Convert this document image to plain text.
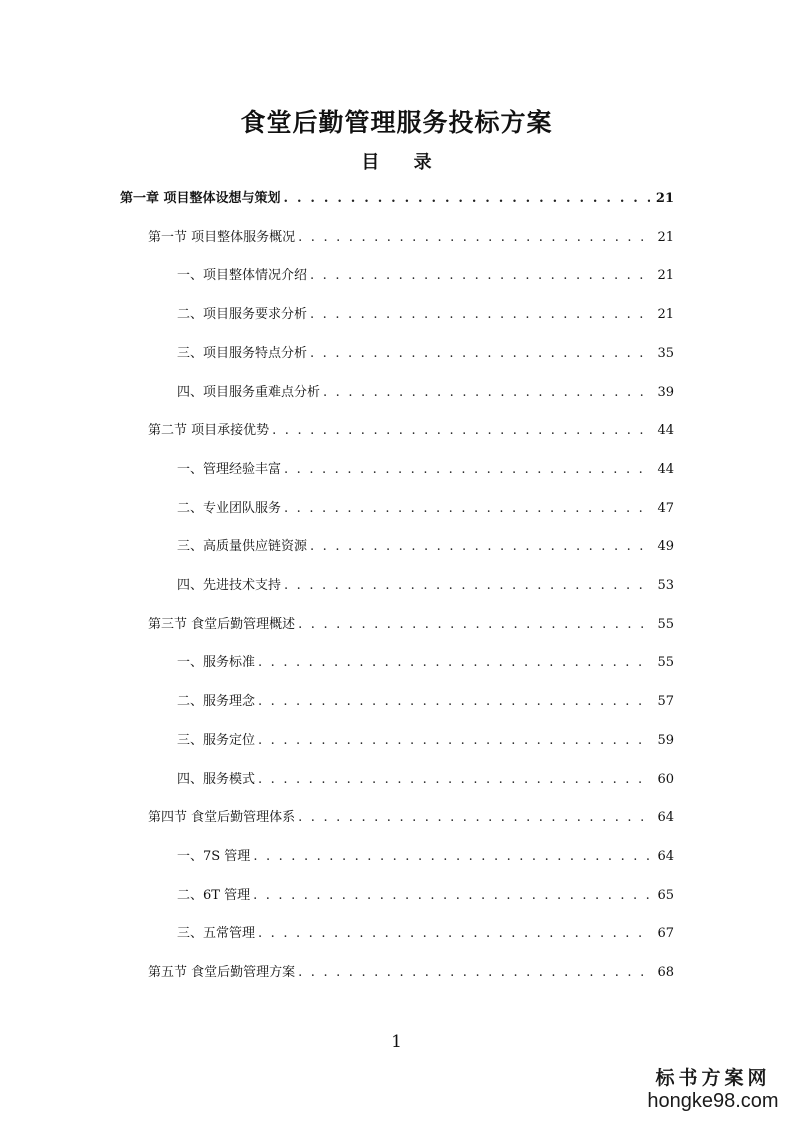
食堂后勤管理服务投标方案
目 录
第一章 项目整体设想与策划 . . .	21
第一节 项目整体服务概况 . . .	21
一、项目整体情况介绍 . . .	21
二、项目服务要求分析 . . .	21
三、项目服务特点分析 . . .	35
四、项目服务重难点分析 . . .	39
第二节 项目承接优势 . . .	44
一、管理经验丰富 . . .	44
二、专业团队服务 . . .	47
三、高质量供应链资源 . . .	49
四、先进技术支持 . . .	53
第三节 食堂后勤管理概述 . . .	55
一、服务标准 . . .	55
二、服务理念 . . .	57
三、服务定位 . . .	59
四、服务模式 . . .	60
第四节 食堂后勤管理体系 . . .	64
一、7S 管理 . . .	64
二、6T 管理 . . .	65
三、五常管理 . . .	67
第五节 食堂后勤管理方案 . . .	68
1
标书方案网
hongke98.com
